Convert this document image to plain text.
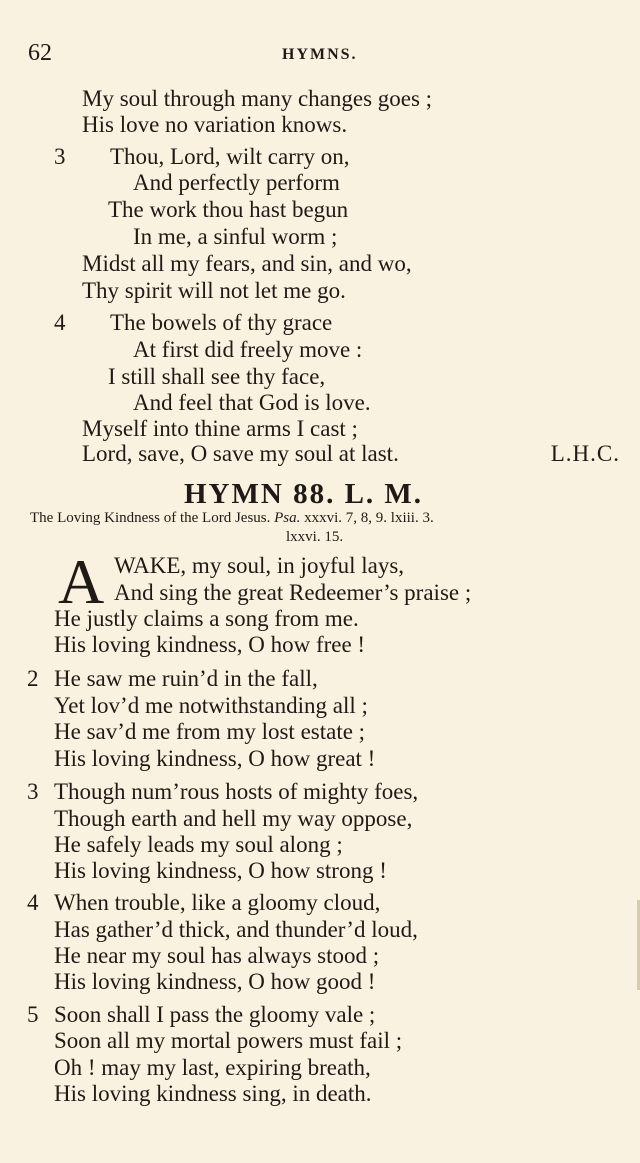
62	HYMNS.
My soul through many changes goes ;
His love no variation knows.
3 Thou, Lord, wilt carry on,
And perfectly perform
The work thou hast begun
In me, a sinful worm ;
Midst all my fears, and sin, and wo,
Thy spirit will not let me go.
4 The bowels of thy grace
At first did freely move :
I still shall see thy face,
And feel that God is love.
Myself into thine arms I cast ;
Lord, save, O save my soul at last.	L.H.C.
HYMN 88. L. M.
The Loving Kindness of the Lord Jesus. Psa. xxxvi. 7, 8, 9. lxiii. 3.
lxxvi. 15.
A WAKE, my soul, in joyful lays,
And sing the great Redeemer’s praise ;
He justly claims a song from me.
His loving kindness, O how free !
2 He saw me ruin’d in the fall,
Yet lov’d me notwithstanding all ;
He sav’d me from my lost estate ;
His loving kindness, O how great !
3 Though num’rous hosts of mighty foes,
Though earth and hell my way oppose,
He safely leads my soul along ;
His loving kindness, O how strong !
4 When trouble, like a gloomy cloud,
Has gather’d thick, and thunder’d loud,
He near my soul has always stood ;
His loving kindness, O how good !
5 Soon shall I pass the gloomy vale ;
Soon all my mortal powers must fail ;
Oh ! may my last, expiring breath,
His loving kindness sing, in death.
